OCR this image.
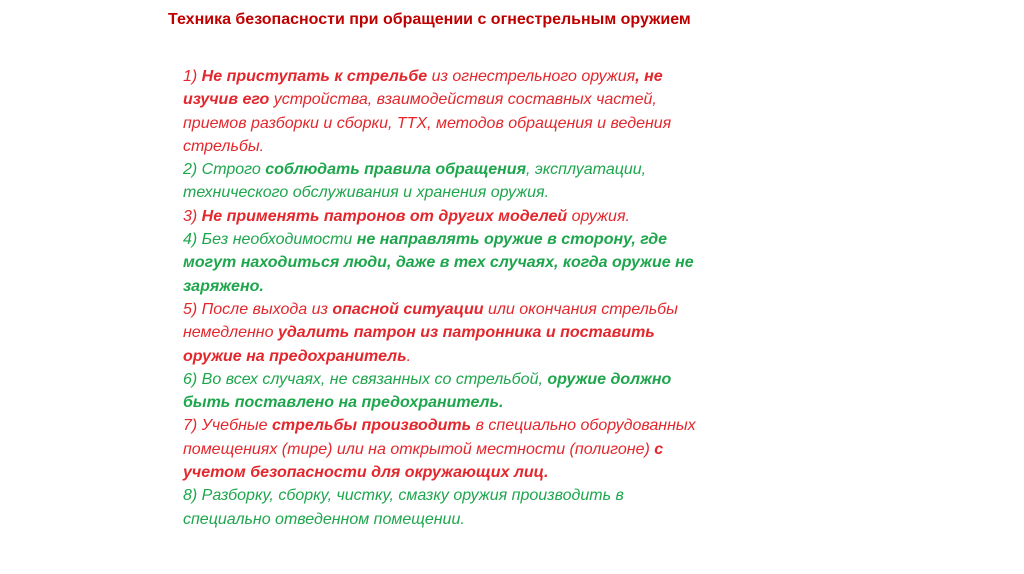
Техника безопасности при обращении с огнестрельным оружием
1) Не приступать к стрельбе из огнестрельного оружия, не
изучив его устройства, взаимодействия составных частей,
приемов разборки и сборки, ТТХ, методов обращения и ведения
стрельбы.
2) Строго соблюдать правила обращения, эксплуатации,
технического обслуживания и хранения оружия.
3) Не применять патронов от других моделей оружия.
4) Без необходимости не направлять оружие в сторону, где
могут находиться люди, даже в тех случаях, когда оружие не
заряжено.
5) После выхода из опасной ситуации или окончания стрельбы
немедленно удалить патрон из патронника и поставить
оружие на предохранитель.
6) Во всех случаях, не связанных со стрельбой, оружие должно
быть поставлено на предохранитель.
7) Учебные стрельбы производить в специально оборудованных
помещениях (тире) или на открытой местности (полигоне) с
учетом безопасности для окружающих лиц.
8) Разборку, сборку, чистку, смазку оружия производить в
специально отведенном помещении.
